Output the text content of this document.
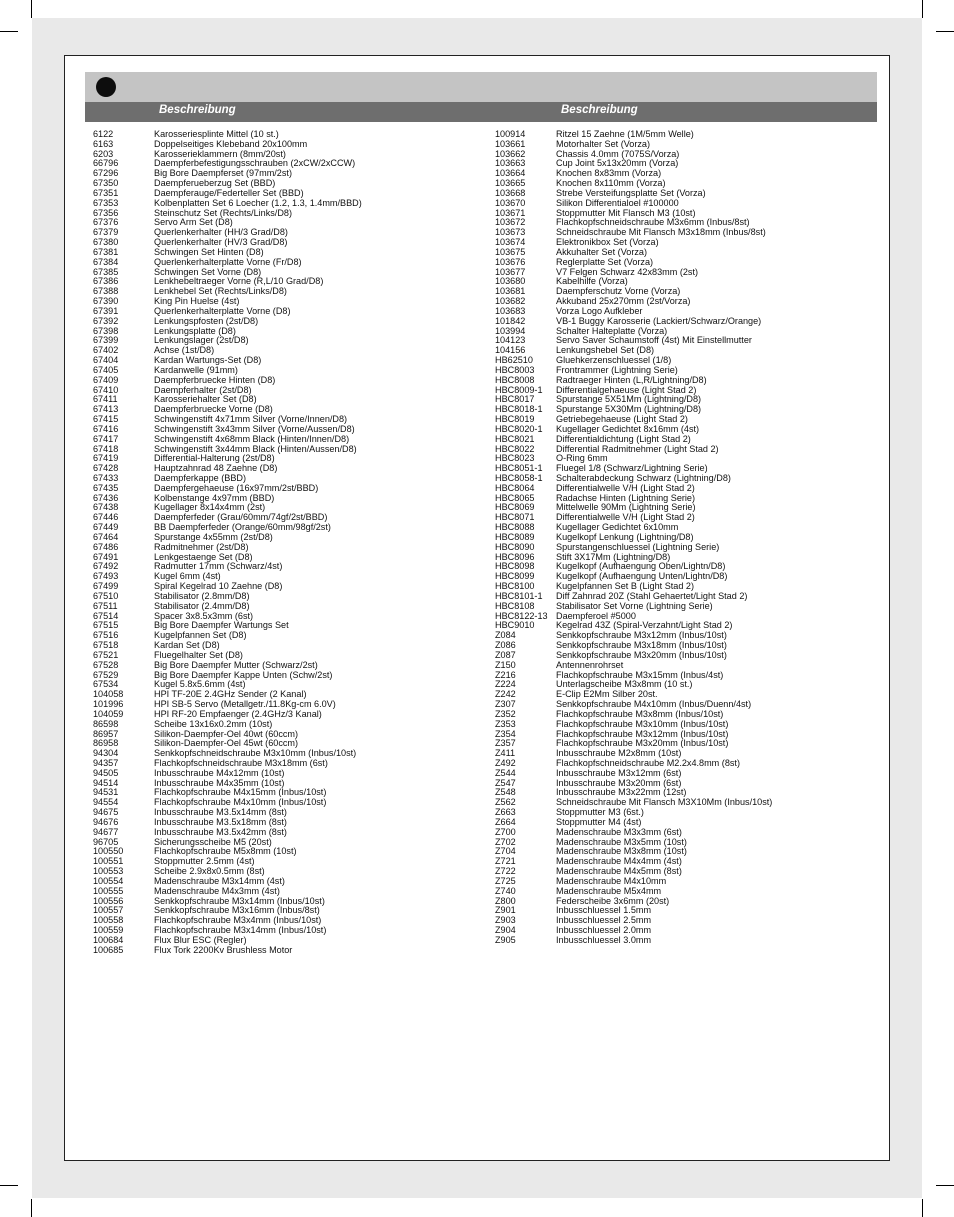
Beschreibung	Beschreibung
6122	Karosseriesplinte Mittel (10 st.)
6163	Doppelseitiges Klebeband 20x100mm
6203	Karosserieklammern (8mm/20st)
66796	Daempferbefestigungsschrauben (2xCW/2xCCW)
67296	Big Bore Daempferset (97mm/2st)
67350	Daempferueberzug Set (BBD)
67351	Daempferauge/Federteller Set (BBD)
67353	Kolbenplatten Set 6 Loecher (1.2, 1.3, 1.4mm/BBD)
67356	Steinschutz Set (Rechts/Links/D8)
67376	Servo Arm Set (D8)
67379	Querlenkerhalter (HH/3 Grad/D8)
67380	Querlenkerhalter (HV/3 Grad/D8)
67381	Schwingen Set Hinten (D8)
67384	Querlenkerhalterplatte Vorne (Fr/D8)
67385	Schwingen Set Vorne (D8)
67386	Lenkhebeltraeger Vorne (R,L/10 Grad/D8)
67388	Lenkhebel Set (Rechts/Links/D8)
67390	King Pin Huelse (4st)
67391	Querlenkerhalterplatte Vorne (D8)
67392	Lenkungspfosten (2st/D8)
67398	Lenkungsplatte (D8)
67399	Lenkungslager (2st/D8)
67402	Achse (1st/D8)
67404	Kardan Wartungs-Set (D8)
67405	Kardanwelle (91mm)
67409	Daempferbruecke Hinten (D8)
67410	Daempferhalter (2st/D8)
67411	Karosseriehalter Set (D8)
67413	Daempferbruecke Vorne (D8)
67415	Schwingenstift 4x71mm Silver (Vorne/Innen/D8)
67416	Schwingenstift 3x43mm Silver (Vorne/Aussen/D8)
67417	Schwingenstift 4x68mm Black (Hinten/Innen/D8)
67418	Schwingenstift 3x44mm Black (Hinten/Aussen/D8)
67419	Differential-Halterung (2st/D8)
67428	Hauptzahnrad 48 Zaehne (D8)
67433	Daempferkappe (BBD)
67435	Daempfergehaeuse (16x97mm/2st/BBD)
67436	Kolbenstange 4x97mm (BBD)
67438	Kugellager 8x14x4mm (2st)
67446	Daempferfeder (Grau/60mm/74gf/2st/BBD)
67449	BB Daempferfeder (Orange/60mm/98gf/2st)
67464	Spurstange 4x55mm (2st/D8)
67486	Radmitnehmer (2st/D8)
67491	Lenkgestaenge Set (D8)
67492	Radmutter 17mm (Schwarz/4st)
67493	Kugel 6mm (4st)
67499	Spiral Kegelrad 10 Zaehne (D8)
67510	Stabilisator (2.8mm/D8)
67511	Stabilisator (2.4mm/D8)
67514	Spacer 3x8.5x3mm (6st)
67515	Big Bore Daempfer Wartungs Set
67516	Kugelpfannen Set (D8)
67518	Kardan Set (D8)
67521	Fluegelhalter Set (D8)
67528	Big Bore Daempfer Mutter (Schwarz/2st)
67529	Big Bore Daempfer Kappe Unten (Schw/2st)
67534	Kugel 5.8x5.6mm (4st)
104058	HPI TF-20E 2.4GHz Sender (2 Kanal)
101996	HPI SB-5 Servo (Metallgetr./11.8Kg-cm 6.0V)
104059	HPI RF-20 Empfaenger (2.4GHz/3 Kanal)
86598	Scheibe 13x16x0.2mm (10st)
86957	Silikon-Daempfer-Oel 40wt (60ccm)
86958	Silikon-Daempfer-Oel 45wt (60ccm)
94304	Senkkopfschneidschraube M3x10mm (Inbus/10st)
94357	Flachkopfschneidschraube M3x18mm (6st)
94505	Inbusschraube M4x12mm (10st)
94514	Inbusschraube M4x35mm (10st)
94531	Flachkopfschraube M4x15mm (Inbus/10st)
94554	Flachkopfschraube M4x10mm (Inbus/10st)
94675	Inbusschraube M3.5x14mm (8st)
94676	Inbusschraube M3.5x18mm (8st)
94677	Inbusschraube M3.5x42mm (8st)
96705	Sicherungsscheibe M5 (20st)
100550	Flachkopfschraube M5x8mm (10st)
100551	Stoppmutter 2.5mm (4st)
100553	Scheibe 2.9x8x0.5mm (8st)
100554	Madenschraube M3x14mm (4st)
100555	Madenschraube M4x3mm (4st)
100556	Senkkopfschraube M3x14mm (Inbus/10st)
100557	Senkkopfschraube M3x16mm (Inbus/8st)
100558	Flachkopfschraube M3x4mm (Inbus/10st)
100559	Flachkopfschraube M3x14mm (Inbus/10st)
100684	Flux Blur ESC (Regler)
100685	Flux Tork 2200Kv Brushless Motor
100914	Ritzel 15 Zaehne (1M/5mm Welle)
103661	Motorhalter Set (Vorza)
103662	Chassis 4.0mm (7075S/Vorza)
103663	Cup Joint 5x13x20mm (Vorza)
103664	Knochen 8x83mm (Vorza)
103665	Knochen 8x110mm (Vorza)
103668	Strebe Versteifungsplatte Set (Vorza)
103670	Silikon Differentialoel #100000
103671	Stoppmutter Mit Flansch M3 (10st)
103672	Flachkopfschneidschraube M3x6mm (Inbus/8st)
103673	Schneidschraube Mit Flansch M3x18mm (Inbus/8st)
103674	Elektronikbox Set (Vorza)
103675	Akkuhalter Set (Vorza)
103676	Reglerplatte Set (Vorza)
103677	V7 Felgen Schwarz 42x83mm (2st)
103680	Kabelhilfe (Vorza)
103681	Daempferschutz Vorne (Vorza)
103682	Akkuband 25x270mm (2st/Vorza)
103683	Vorza Logo Aufkleber
101842	VB-1 Buggy Karosserie (Lackiert/Schwarz/Orange)
103994	Schalter Halteplatte (Vorza)
104123	Servo Saver Schaumstoff (4st) Mit Einstellmutter
104156	Lenkungshebel Set (D8)
HB62510	Gluehkerzenschluessel (1/8)
HBC8003 Frontrammer (Lightning Serie)
HBC8008 Radtraeger Hinten (L,R/Lightning/D8)
HBC8009-1 Differentialgehaeuse (Light Stad 2)
HBC8017 Spurstange 5X51Mm (Lightning/D8)
HBC8018-1 Spurstange 5X30Mm (Lightning/D8)
HBC8019 Getriebegehaeuse (Light Stad 2)
HBC8020-1 Kugellager Gedichtet 8x16mm (4st)
HBC8021 Differentialdichtung (Light Stad 2)
HBC8022 Differential Radmitnehmer (Light Stad 2)
HBC8023 O-Ring 6mm
HBC8051-1 Fluegel 1/8 (Schwarz/Lightning Serie)
HBC8058-1 Schalterabdeckung Schwarz (Lightning/D8)
HBC8064 Differentialwelle V/H (Light Stad 2)
HBC8065 Radachse Hinten (Lightning Serie)
HBC8069 Mittelwelle 90Mm (Lightning Serie)
HBC8071 Differentialwelle V/H (Light Stad 2)
HBC8088 Kugellager Gedichtet 6x10mm
HBC8089 Kugelkopf Lenkung (Lightning/D8)
HBC8090 Spurstangenschluessel (Lightning Serie)
HBC8096 Stift 3X17Mm (Lightning/D8)
HBC8098 Kugelkopf (Aufhaengung Oben/Lightn/D8)
HBC8099 Kugelkopf (Aufhaengung Unten/Lightn/D8)
HBC8100 Kugelpfannen Set B (Light Stad 2)
HBC8101-1 Diff Zahnrad 20Z (Stahl Gehaertet/Light Stad 2)
HBC8108 Stabilisator Set Vorne (Lightning Serie)
HBC8122-13 Daempferoel #5000
HBC9010 Kegelrad 43Z (Spiral-Verzahnt/Light Stad 2)
Z084	Senkkopfschraube M3x12mm (Inbus/10st)
Z086	Senkkopfschraube M3x18mm (Inbus/10st)
Z087	Senkkopfschraube M3x20mm (Inbus/10st)
Z150	Antennenrohrset
Z216	Flachkopfschraube M3x15mm (Inbus/4st)
Z224	Unterlagscheibe M3x8mm (10 st.)
Z242	E-Clip E2Mm Silber 20st.
Z307	Senkkopfschraube M4x10mm (Inbus/Duenn/4st)
Z352	Flachkopfschraube M3x8mm (Inbus/10st)
Z353	Flachkopfschraube M3x10mm (Inbus/10st)
Z354	Flachkopfschraube M3x12mm (Inbus/10st)
Z357	Flachkopfschraube M3x20mm (Inbus/10st)
Z411	Inbusschraube M2x8mm (10st)
Z492	Flachkopfschneidschraube M2.2x4.8mm (8st)
Z544	Inbusschraube M3x12mm (6st)
Z547	Inbusschraube M3x20mm (6st)
Z548	Inbusschraube M3x22mm (12st)
Z562	Schneidschraube Mit Flansch M3X10Mm (Inbus/10st)
Z663	Stoppmutter M3 (6st.)
Z664	Stoppmutter M4 (4st)
Z700	Madenschraube M3x3mm (6st)
Z702	Madenschraube M3x5mm (10st)
Z704	Madenschraube M3x8mm (10st)
Z721	Madenschraube M4x4mm (4st)
Z722	Madenschraube M4x5mm (8st)
Z725	Madenschraube M4x10mm
Z740	Madenschraube M5x4mm
Z800	Federscheibe 3x6mm (20st)
Z901	Inbusschluessel 1.5mm
Z903	Inbusschluessel 2.5mm
Z904	Inbusschluessel 2.0mm
Z905	Inbusschluessel 3.0mm
